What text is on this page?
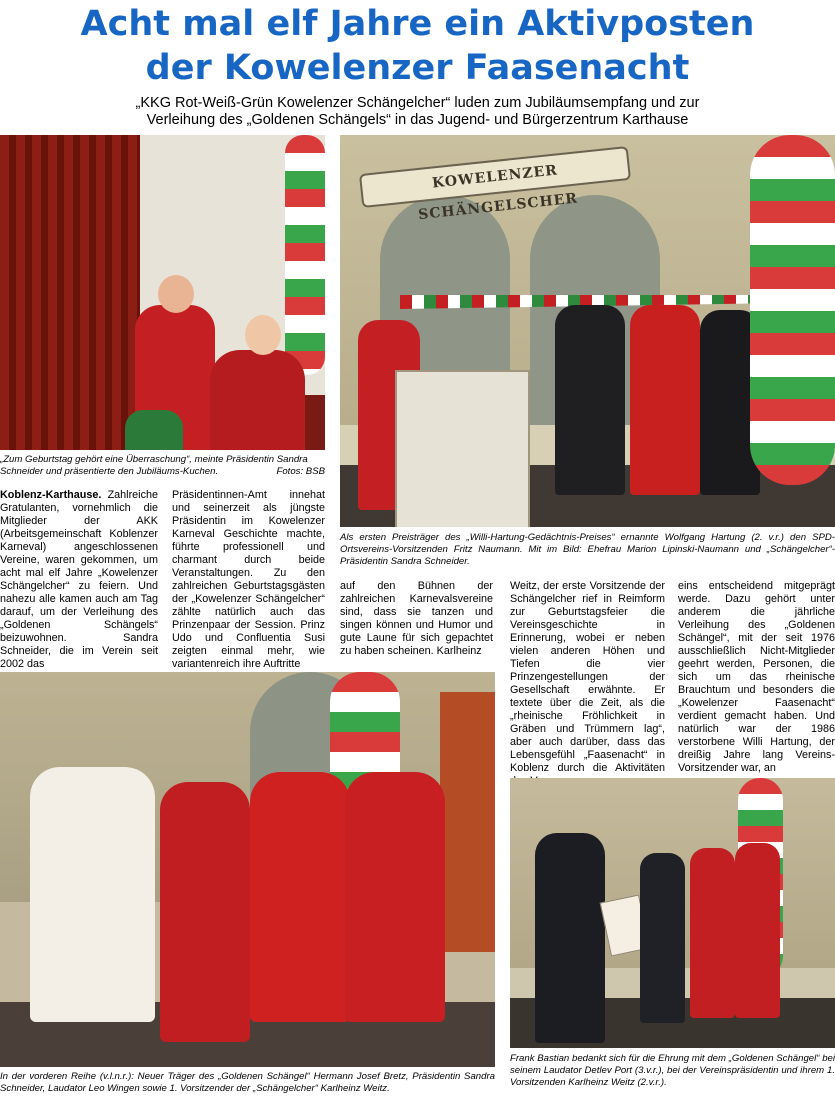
Acht mal elf Jahre ein Aktivposten
der Kowelenzer Faasenacht
„KKG Rot-Weiß-Grün Kowelenzer Schängelcher“ luden zum Jubiläumsempfang und zur
Verleihung des „Goldenen Schängels“ in das Jugend- und Bürgerzentrum Karthause
„Zum Geburtstag gehört eine Überraschung“, meinte Präsidentin Sandra Schneider und präsentierte den Jubiläums-Kuchen.	Fotos: BSB
KOWELENZER SCHÄNGELSCHER
Als ersten Preisträger des „Willi-Hartung-Gedächtnis-Preises“ ernannte Wolfgang Hartung (2. v.r.) den SPD-Ortsvereins-Vorsitzenden Fritz Naumann. Mit im Bild: Ehefrau Marion Lipinski-Naumann und „Schängelcher“-Präsidentin Sandra Schneider.

Koblenz-Karthause. Zahlreiche Gratulanten, vornehmlich die Mitglieder der AKK (Arbeitsgemeinschaft Koblenzer Karneval) angeschlossenen Vereine, waren gekommen, um acht mal elf Jahre „Kowelenzer Schängelcher“ zu feiern. Und nahezu alle kamen auch am Tag darauf, um der Verleihung des „Goldenen Schängels“ beizuwohnen. Sandra Schneider, die im Verein seit 2002 das

Präsidentinnen-Amt innehat und seinerzeit als jüngste Präsidentin im Kowelenzer Karneval Geschichte machte, führte professionell und charmant durch beide Veranstaltungen. Zu den zahlreichen Geburtstagsgästen der „Kowelenzer Schängelcher“ zählte natürlich auch das Prinzenpaar der Session. Prinz Udo und Confluentia Susi zeigten einmal mehr, wie variantenreich ihre Auftritte

auf den Bühnen der zahlreichen Karnevalsvereine sind, dass sie tanzen und singen können und Humor und gute Laune für sich gepachtet zu haben scheinen. Karlheinz

Weitz, der erste Vorsitzende der Schängelcher rief in Reimform zur Geburtstagsfeier die Vereinsgeschichte in Erinnerung, wobei er neben vielen anderen Höhen und Tiefen die vier Prinzengestellungen der Gesellschaft erwähnte. Er textete über die Zeit, als die „rheinische Fröhlichkeit in Gräben und Trümmern lag“, aber auch darüber, dass das Lebensgefühl „Faasenacht“ in Koblenz durch die Aktivitäten

eins entscheidend mitgeprägt werde. Dazu gehört unter anderem die jährliche Verleihung des „Goldenen Schängel“, mit der seit 1976 ausschließlich Nicht-Mitglieder geehrt werden, Personen, die sich um das rheinische Brauchtum und besonders die „Kowelenzer Faasenacht“ verdient gemacht haben. Und natürlich war der 1986 verstorbene Willi Hartung, der dreißig Jahre lang Vereins-Vorsitzender war, an

In der vorderen Reihe (v.l.n.r.): Neuer Träger des „Goldenen Schängel“ Hermann Josef Bretz, Präsidentin Sandra Schneider, Laudator Leo Wingen sowie 1. Vorsitzender der „Schängelcher“ Karlheinz Weitz.
Frank Bastian bedankt sich für die Ehrung mit dem „Goldenen Schängel“ bei seinem Laudator Detlev Port (3.v.r.), bei der Vereinspräsidentin und ihrem 1. Vorsitzenden Karlheinz Weitz (2.v.r.).
